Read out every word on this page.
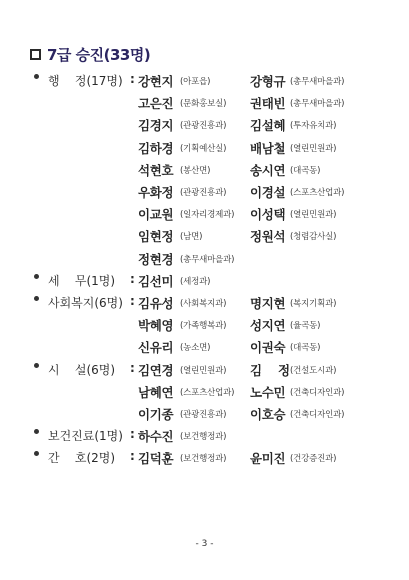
7급 승진(33명)
행    정(17명) : 강현지 (아포읍)	강형규 (총무새마을과)
고은진 (문화홍보실) 권태빈 (총무새마을과)
김경지 (관광진흥과) 김설혜 (투자유치과)
김하경 (기획예산실) 배남철 (열린민원과)
석현호 (봉산면)	송시연 (대곡동)
우화정 (관광진흥과) 이경설 (스포츠산업과)
이교원 (일자리경제과) 이성택 (열린민원과)
임현정 (남면)	정원석 (청렴감사실)
정현경 (총무새마을과)
세    무(1명) : 김선미 (세정과)
사회복지(6명) : 김유성 (사회복지과) 명지현 (복지기획과)
박혜영 (가족행복과) 성지연 (율곡동)
신유리 (농소면)	이권숙 (대곡동)
시    설(6명) : 김연경 (열린민원과) 김    정 (건설도시과)
남혜연 (스포츠산업과) 노수민 (건축디자인과)
이기종 (관광진흥과) 이호승 (건축디자인과)
보건진료(1명) : 하수진 (보건행정과)
간    호(2명) : 김덕훈 (보건행정과) 윤미진 (건강증진과)
- 3 -
